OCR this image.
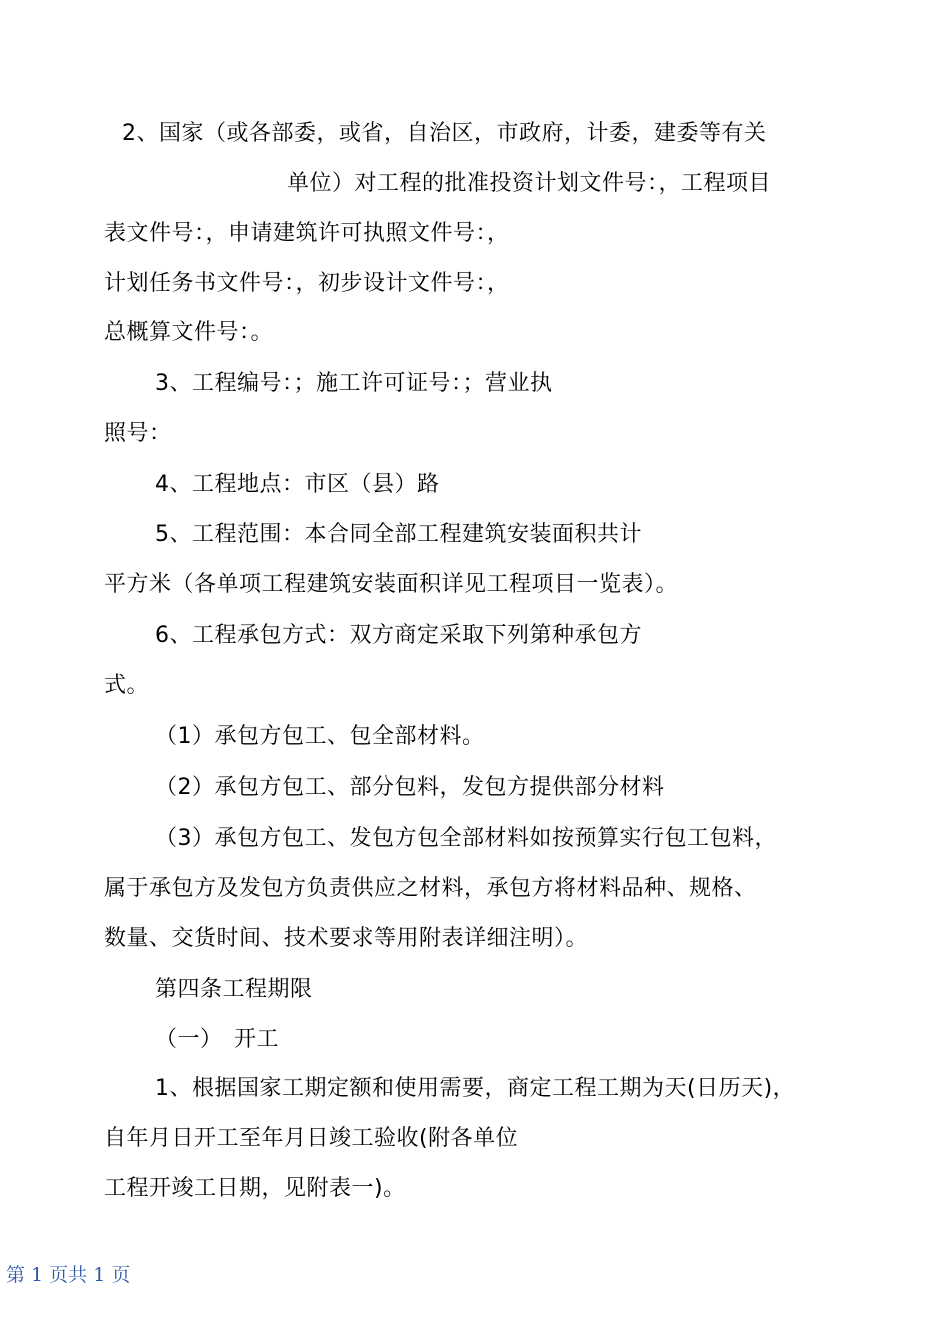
2、国家（或各部委，或省，自治区，市政府，计委，建委等有关
单位）对工程的批准投资计划文件号：，工程项目
表文件号：，申请建筑许可执照文件号：，
计划任务书文件号：，初步设计文件号：，
总概算文件号：。
3、工程编号：；施工许可证号：；营业执
照号：
4、工程地点：市区（县）路
5、工程范围：本合同全部工程建筑安装面积共计
平方米（各单项工程建筑安装面积详见工程项目一览表）。
6、工程承包方式：双方商定采取下列第种承包方
式。
（1）承包方包工、包全部材料。
（2）承包方包工、部分包料，发包方提供部分材料
（3）承包方包工、发包方包全部材料如按预算实行包工包料，
属于承包方及发包方负责供应之材料，承包方将材料品种、规格、
数量、交货时间、技术要求等用附表详细注明）。
第四条工程期限
（一）　开工
1、根据国家工期定额和使用需要，商定工程工期为天(日历天)，
自年月日开工至年月日竣工验收(附各单位
工程开竣工日期，见附表一)。
第 1 页共 1 页
